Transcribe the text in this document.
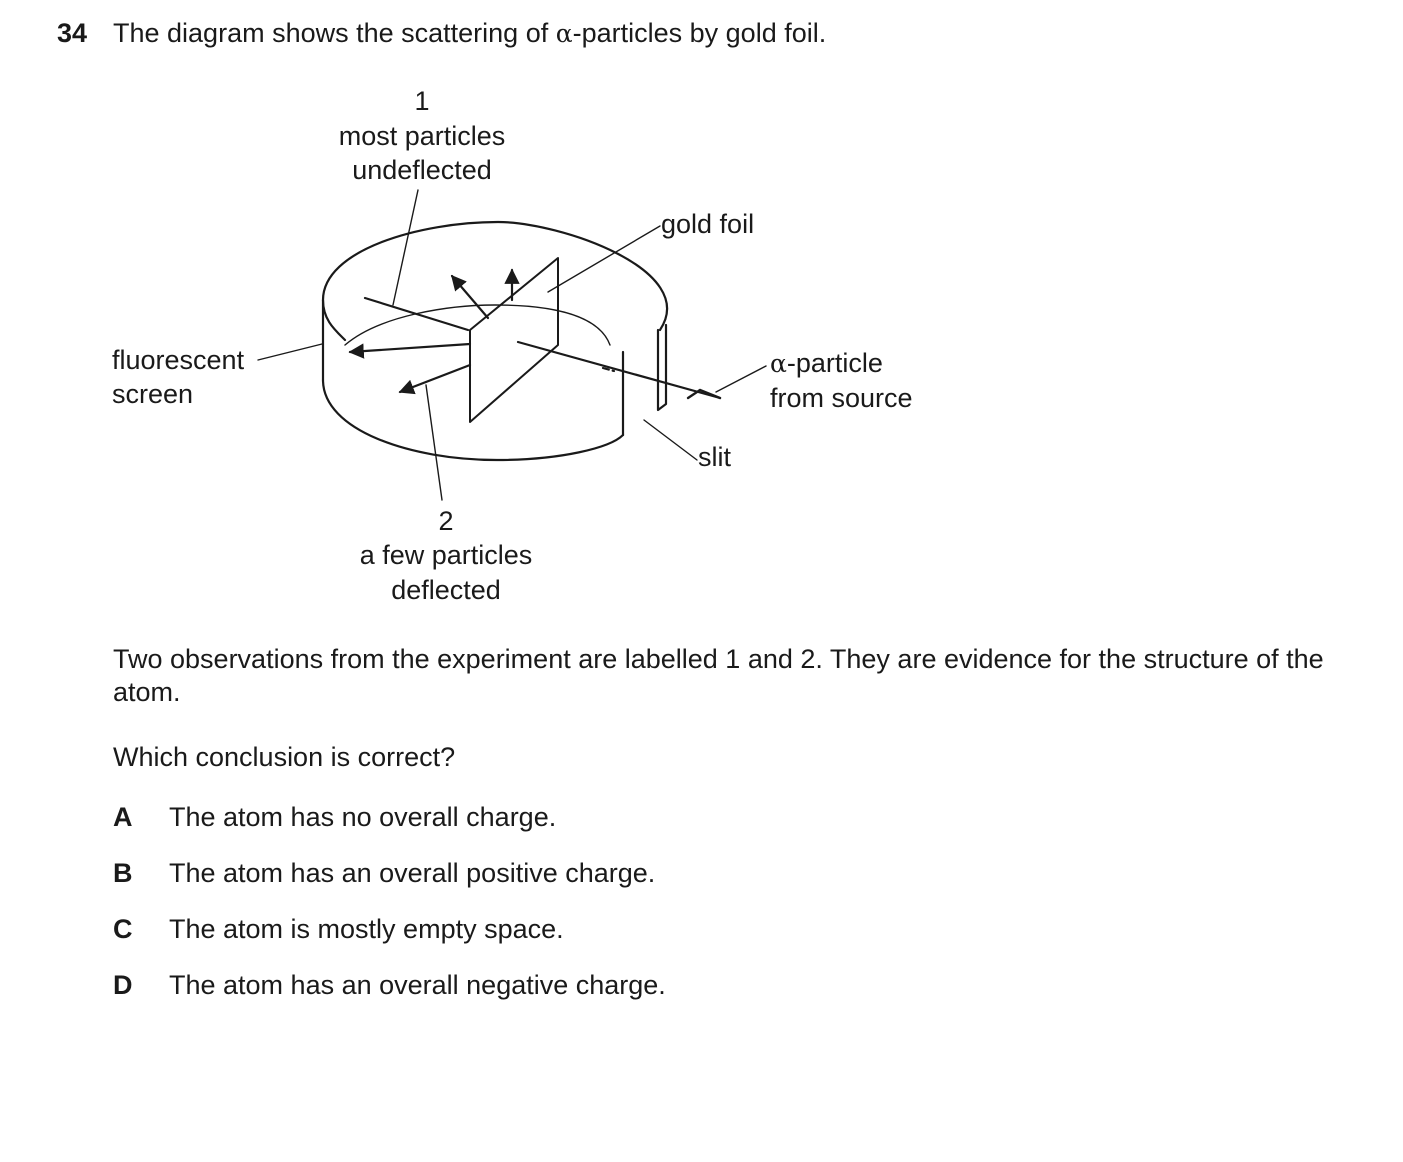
34 The diagram shows the scattering of α-particles by gold foil.
1
most particles
undeflected
gold foil
fluorescent
screen
α-particle
from source
slit
2
a few particles
deflected
Two observations from the experiment are labelled 1 and 2. They are evidence for the structure of the atom.
Which conclusion is correct?
A The atom has no overall charge.
B The atom has an overall positive charge.
C The atom is mostly empty space.
D The atom has an overall negative charge.
